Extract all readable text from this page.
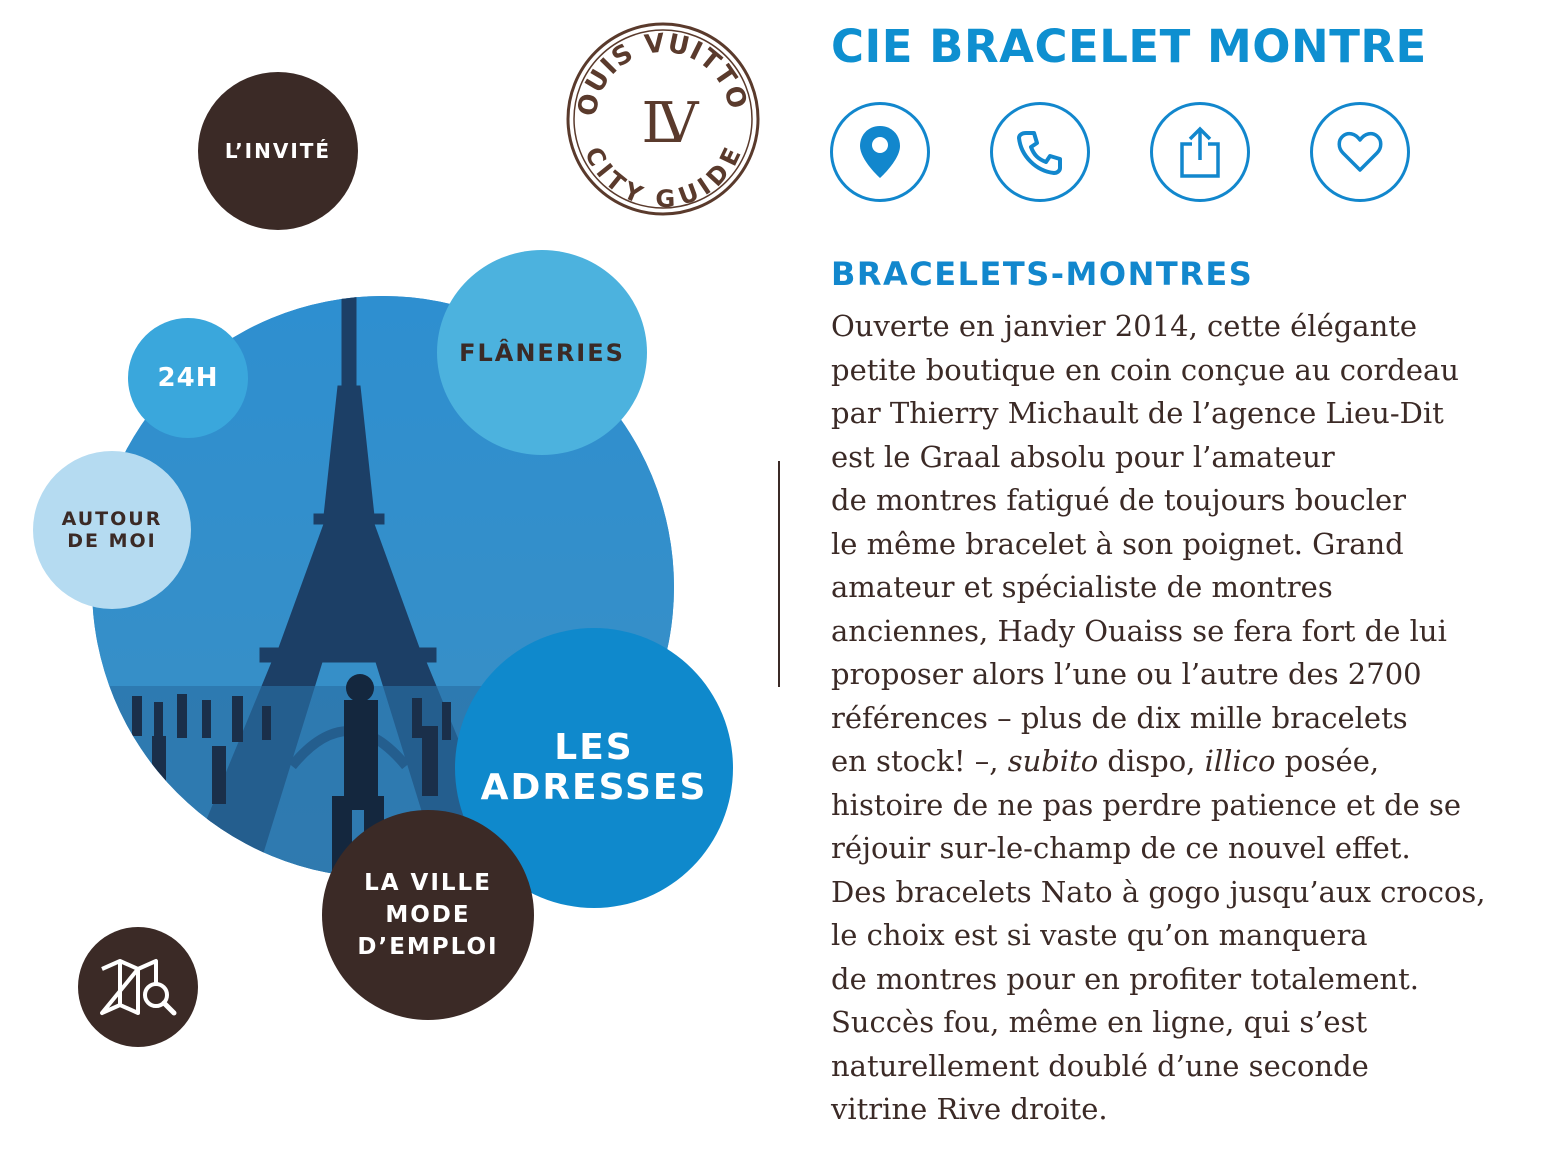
L’INVITÉ
FLÂNERIES
24H
AUTOUR
DE MOI
LES
ADRESSES
LA VILLE
MODE
D’EMPLOI
OUIS VUITTO
CITY GUIDE
LV
CIE BRACELET MONTRE
BRACELETS-MONTRES
Ouverte en janvier 2014, cette élégante
petite boutique en coin conçue au cordeau
par Thierry Michault de l’agence Lieu-Dit
est le Graal absolu pour l’amateur
de montres fatigué de toujours boucler
le même bracelet à son poignet. Grand
amateur et spécialiste de montres
anciennes, Hady Ouaiss se fera fort de lui
proposer alors l’une ou l’autre des 2700
références – plus de dix mille bracelets
en stock! –, subito dispo, illico posée,
histoire de ne pas perdre patience et de se
réjouir sur-le-champ de ce nouvel effet.
Des bracelets Nato à gogo jusqu’aux crocos,
le choix est si vaste qu’on manquera
de montres pour en profiter totalement.
Succès fou, même en ligne, qui s’est
naturellement doublé d’une seconde
vitrine Rive droite.
